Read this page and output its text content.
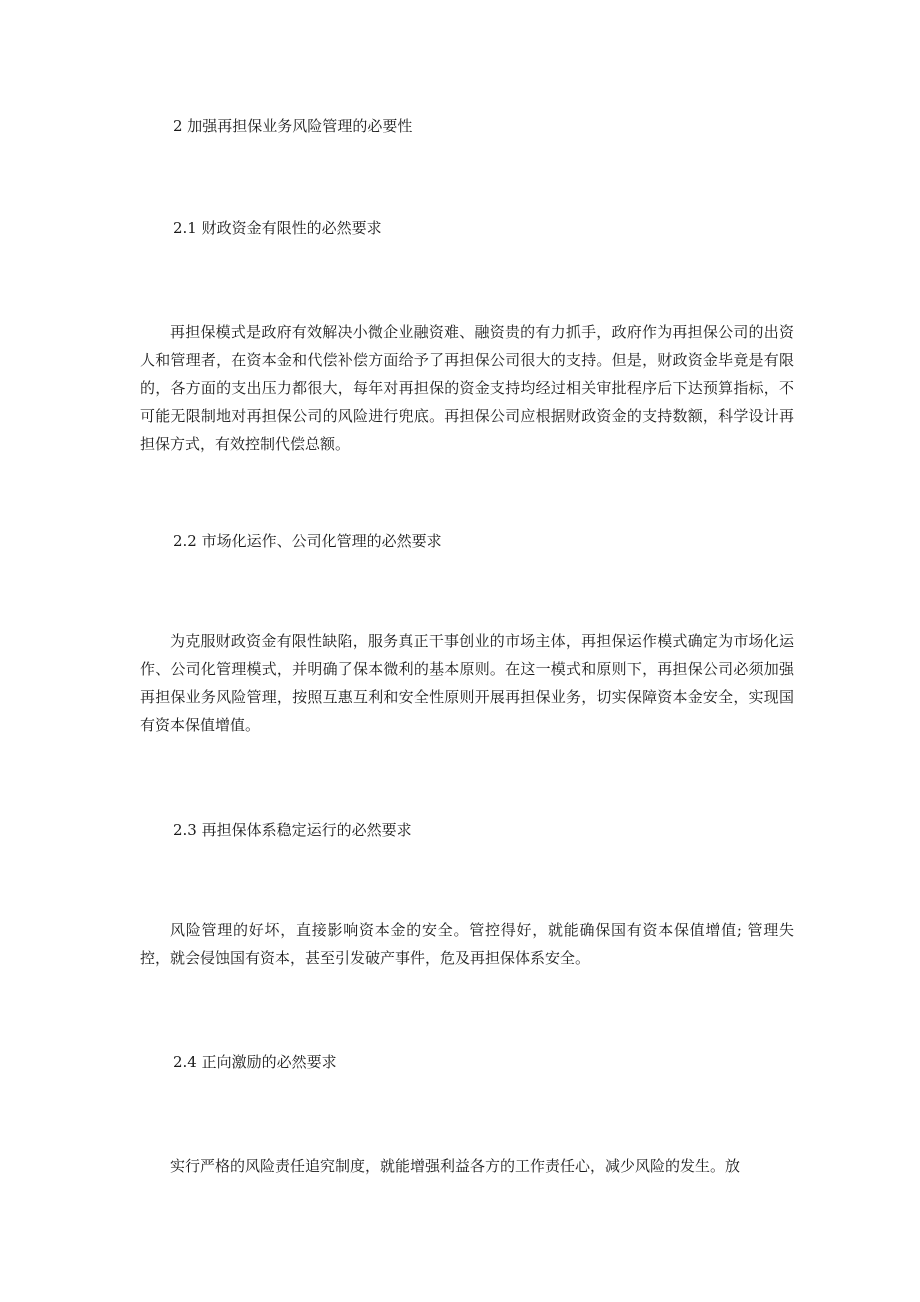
2 加强再担保业务风险管理的必要性
2.1 财政资金有限性的必然要求

再担保模式是政府有效解决小微企业融资难、融资贵的有力抓手，政府作为再担保公司的出资人和管理者，在资本金和代偿补偿方面给予了再担保公司很大的支持。但是，财政资金毕竟是有限的，各方面的支出压力都很大，每年对再担保的资金支持均经过相关审批程序后下达预算指标，不可能无限制地对再担保公司的风险进行兜底。再担保公司应根据财政资金的支持数额，科学设计再担保方式，有效控制代偿总额。

2.2 市场化运作、公司化管理的必然要求

为克服财政资金有限性缺陷，服务真正干事创业的市场主体，再担保运作模式确定为市场化运作、公司化管理模式，并明确了保本微利的基本原则。在这一模式和原则下，再担保公司必须加强再担保业务风险管理，按照互惠互利和安全性原则开展再担保业务，切实保障资本金安全，实现国有资本保值增值。

2.3 再担保体系稳定运行的必然要求

风险管理的好坏，直接影响资本金的安全。管控得好，就能确保国有资本保值增值; 管理失控，就会侵蚀国有资本，甚至引发破产事件，危及再担保体系安全。

2.4 正向激励的必然要求

实行严格的风险责任追究制度，就能增强利益各方的工作责任心，减少风险的发生。放
